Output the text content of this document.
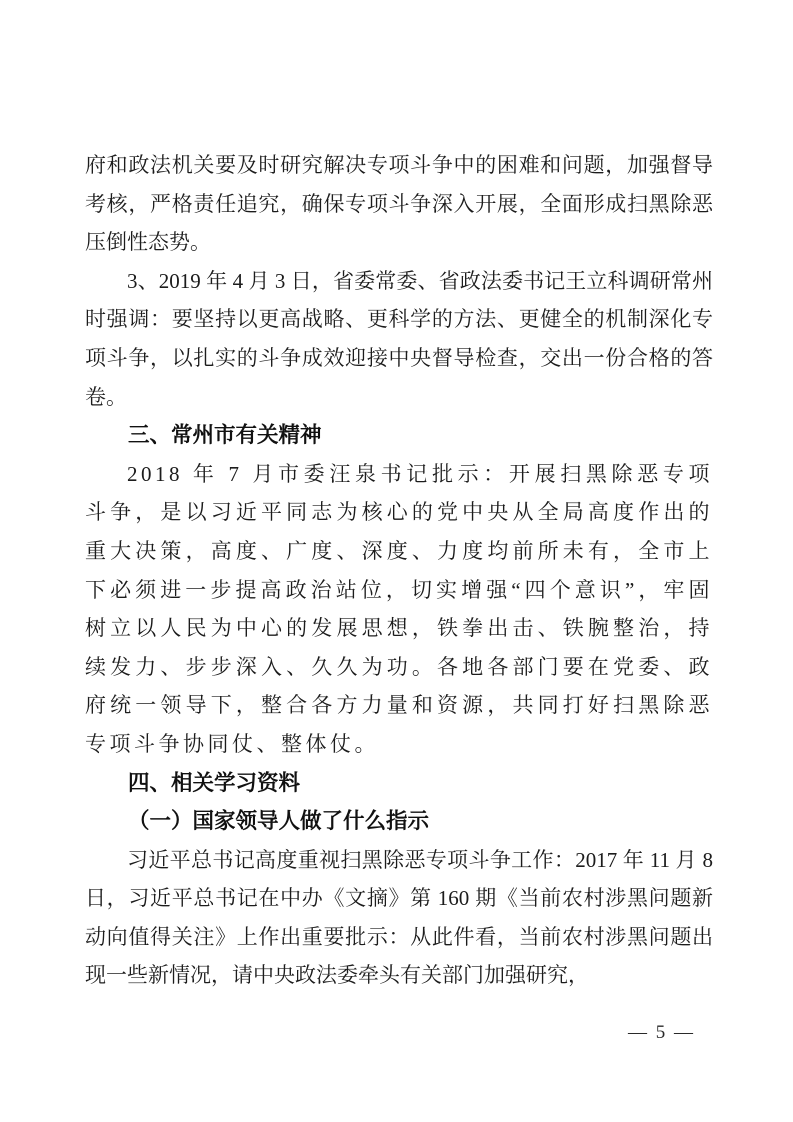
府和政法机关要及时研究解决专项斗争中的困难和问题，加强督导考核，严格责任追究，确保专项斗争深入开展，全面形成扫黑除恶压倒性态势。

3、2019 年 4 月 3 日，省委常委、省政法委书记王立科调研常州时强调：要坚持以更高战略、更科学的方法、更健全的机制深化专项斗争，以扎实的斗争成效迎接中央督导检查，交出一份合格的答卷。

三、常州市有关精神

2018 年 7 月市委汪泉书记批示：开展扫黑除恶专项斗争，是以习近平同志为核心的党中央从全局高度作出的重大决策，高度、广度、深度、力度均前所未有，全市上下必须进一步提高政治站位，切实增强“四个意识”，牢固树立以人民为中心的发展思想，铁拳出击、铁腕整治，持续发力、步步深入、久久为功。各地各部门要在党委、政府统一领导下，整合各方力量和资源，共同打好扫黑除恶专项斗争协同仗、整体仗。

四、相关学习资料
（一）国家领导人做了什么指示

习近平总书记高度重视扫黑除恶专项斗争工作：2017 年 11 月 8 日，习近平总书记在中办《文摘》第 160 期《当前农村涉黑问题新动向值得关注》上作出重要批示：从此件看，当前农村涉黑问题出现一些新情况，请中央政法委牵头有关部门加强研究，

— 5 —
